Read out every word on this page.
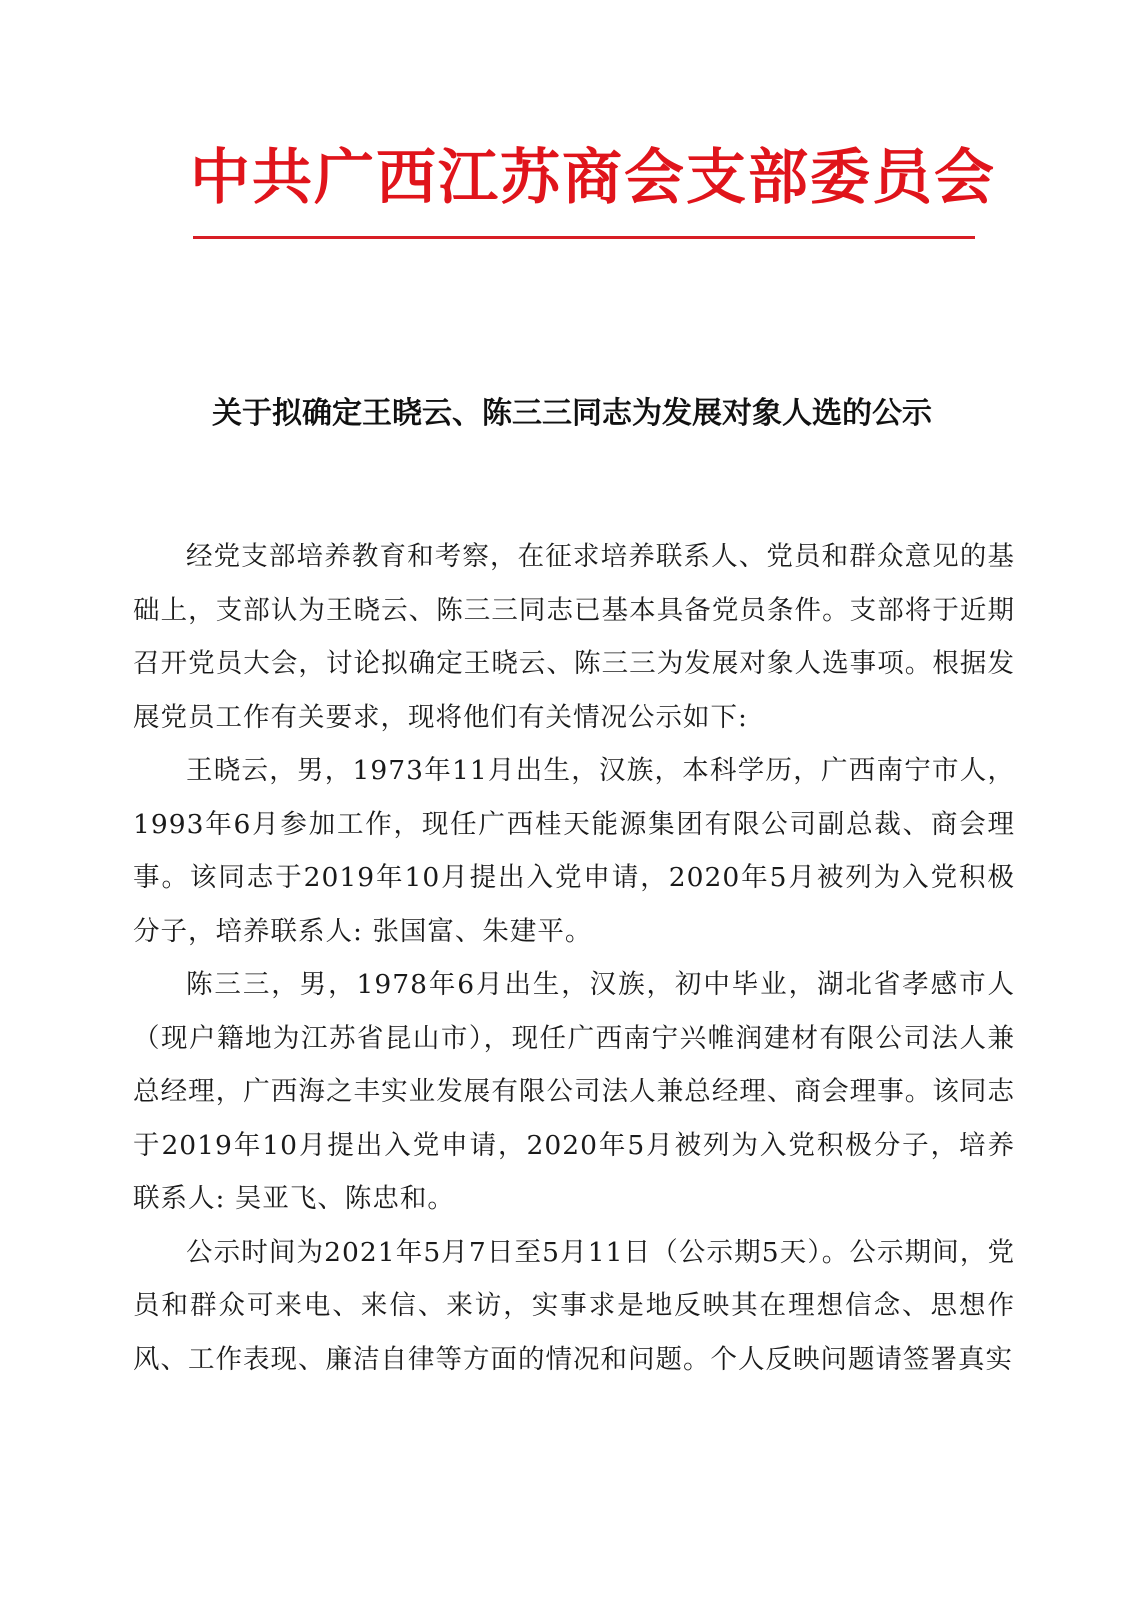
中共广西江苏商会支部委员会
关于拟确定王晓云、陈三三同志为发展对象人选的公示

经党支部培养教育和考察，在征求培养联系人、党员和群众意见的基础上，支部认为王晓云、陈三三同志已基本具备党员条件。支部将于近期召开党员大会，讨论拟确定王晓云、陈三三为发展对象人选事项。根据发展党员工作有关要求，现将他们有关情况公示如下:

王晓云，男，1973年11月出生，汉族，本科学历，广西南宁市人，1993年6月参加工作，现任广西桂天能源集团有限公司副总裁、商会理事。该同志于2019年10月提出入党申请，2020年5月被列为入党积极分子，培养联系人: 张国富、朱建平。

陈三三，男，1978年6月出生，汉族，初中毕业，湖北省孝感市人（现户籍地为江苏省昆山市），现任广西南宁兴帷润建材有限公司法人兼总经理，广西海之丰实业发展有限公司法人兼总经理、商会理事。该同志于2019年10月提出入党申请，2020年5月被列为入党积极分子，培养联系人: 吴亚飞、陈忠和。

公示时间为2021年5月7日至5月11日（公示期5天）。公示期间，党员和群众可来电、来信、来访，实事求是地反映其在理想信念、思想作风、工作表现、廉洁自律等方面的情况和问题。个人反映问题请签署真实
